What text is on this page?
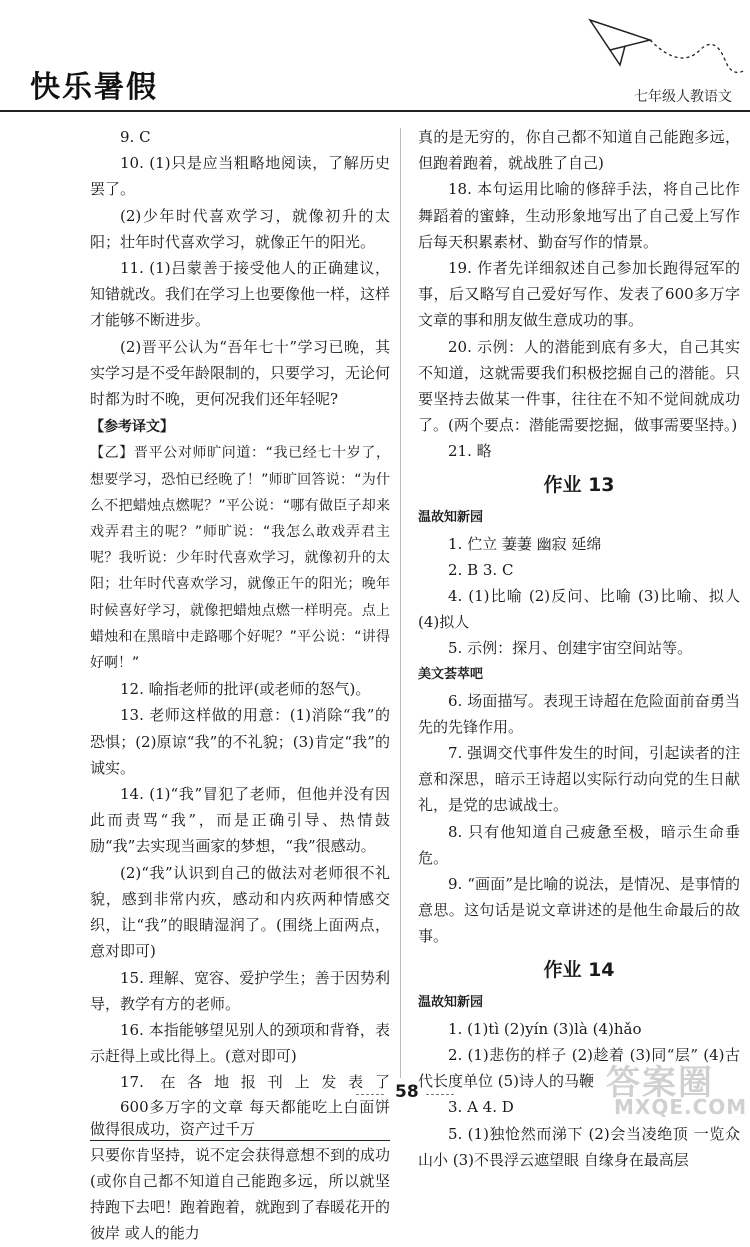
快乐暑假	七年级人教语文

9. C

10. (1)只是应当粗略地阅读，了解历史罢了。

(2)少年时代喜欢学习，就像初升的太阳；壮年时代喜欢学习，就像正午的阳光。

11. (1)吕蒙善于接受他人的正确建议，知错就改。我们在学习上也要像他一样，这样才能够不断进步。

(2)晋平公认为“吾年七十”学习已晚，其实学习是不受年龄限制的，只要学习，无论何时都为时不晚，更何况我们还年轻呢?

【参考译文】

【乙】晋平公对师旷问道：“我已经七十岁了，想要学习，恐怕已经晚了！”师旷回答说：“为什么不把蜡烛点燃呢？”平公说：“哪有做臣子却来戏弄君主的呢？”师旷说：“我怎么敢戏弄君主呢？我听说：少年时代喜欢学习，就像初升的太阳；壮年时代喜欢学习，就像正午的阳光；晚年时候喜好学习，就像把蜡烛点燃一样明亮。点上蜡烛和在黑暗中走路哪个好呢？”平公说：“讲得好啊！”

12. 喻指老师的批评(或老师的怒气)。

13. 老师这样做的用意：(1)消除“我”的恐惧；(2)原谅“我”的不礼貌；(3)肯定“我”的诚实。

14. (1)“我”冒犯了老师，但他并没有因此而责骂“我”，而是正确引导、热情鼓励“我”去实现当画家的梦想，“我”很感动。

(2)“我”认识到自己的做法对老师很不礼貌，感到非常内疚，感动和内疚两种情感交织，让“我”的眼睛湿润了。(围绕上面两点，意对即可)

15. 理解、宽容、爱护学生；善于因势利导，教学有方的老师。

16. 本指能够望见别人的颈项和背脊，表示赶得上或比得上。(意对即可)

17. 在各地报刊上发表了600多万字的文章 每天都能吃上白面饼 做得很成功，资产过千万只要你肯坚持，说不定会获得意想不到的成功(或你自己都不知道自己能跑多远，所以就坚持跑下去吧！跑着跑着，就跑到了春暖花开的彼岸 或人的能力

真的是无穷的，你自己都不知道自己能跑多远，但跑着跑着，就战胜了自己)

18. 本句运用比喻的修辞手法，将自己比作舞蹈着的蜜蜂，生动形象地写出了自己爱上写作后每天积累素材、勤奋写作的情景。

19. 作者先详细叙述自己参加长跑得冠军的事，后又略写自己爱好写作、发表了600多万字文章的事和朋友做生意成功的事。

20. 示例：人的潜能到底有多大，自己其实不知道，这就需要我们积极挖掘自己的潜能。只要坚持去做某一件事，往往在不知不觉间就成功了。(两个要点：潜能需要挖掘，做事需要坚持。)

21. 略

作业 13
温故知新园

1. 伫立 萋萋 幽寂 延绵

2. B 3. C

4. (1)比喻 (2)反问、比喻 (3)比喻、拟人 (4)拟人

5. 示例：探月、创建宇宙空间站等。

美文荟萃吧

6. 场面描写。表现王诗超在危险面前奋勇当先的先锋作用。

7. 强调交代事件发生的时间，引起读者的注意和深思，暗示王诗超以实际行动向党的生日献礼，是党的忠诚战士。

8. 只有他知道自己疲惫至极，暗示生命垂危。

9. “画面”是比喻的说法，是情况、是事情的意思。这句话是说文章讲述的是他生命最后的故事。

作业 14
温故知新园

1. (1)tì (2)yín (3)là (4)hǎo

2. (1)悲伤的样子 (2)趁着 (3)同“层” (4)古代长度单位 (5)诗人的马鞭

3. A 4. D

5. (1)独怆然而涕下 (2)会当凌绝顶 一览众山小 (3)不畏浮云遮望眼 自缘身在最高层

58	答案圈
MXQE.COM
